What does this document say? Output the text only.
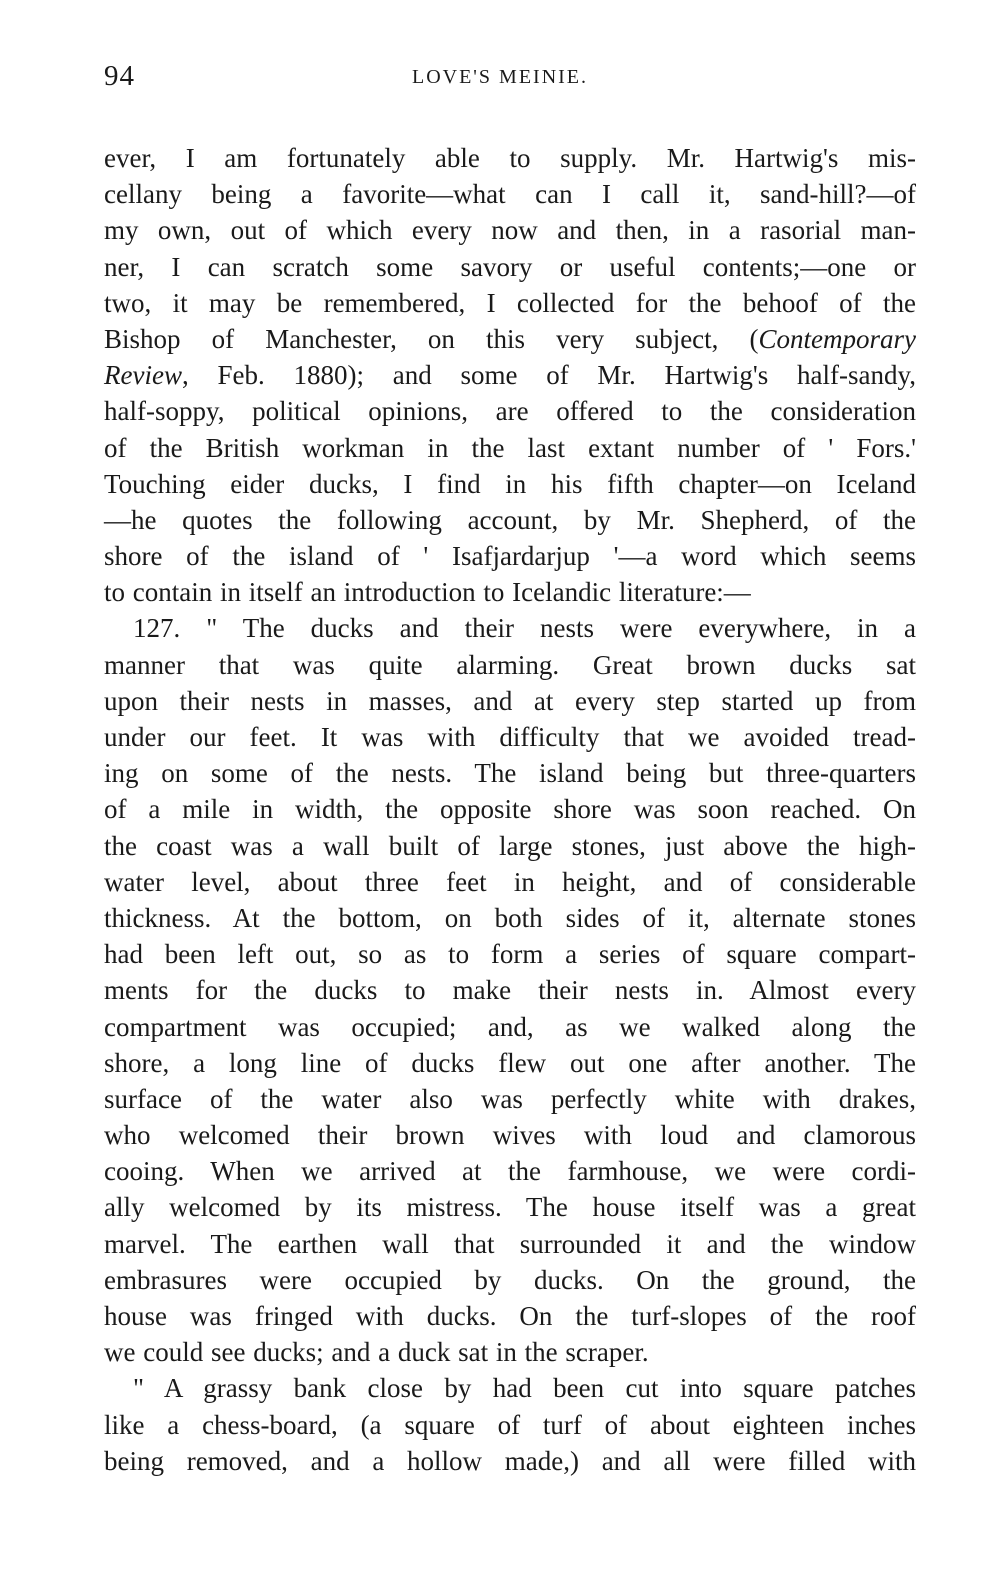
94	LOVE'S MEINIE.
ever, I am fortunately able to supply. Mr. Hartwig's mis-
cellany being a favorite—what can I call it, sand-hill?—of
my own, out of which every now and then, in a rasorial man-
ner, I can scratch some savory or useful contents;—one or
two, it may be remembered, I collected for the behoof of the
Bishop of Manchester, on this very subject, (Contemporary
Review, Feb. 1880); and some of Mr. Hartwig's half-sandy,
half-soppy, political opinions, are offered to the consideration
of the British workman in the last extant number of ' Fors.'
Touching eider ducks, I find in his fifth chapter—on Iceland
—he quotes the following account, by Mr. Shepherd, of the
shore of the island of ' Isafjardarjup '—a word which seems
to contain in itself an introduction to Icelandic literature:—
127. " The ducks and their nests were everywhere, in a
manner that was quite alarming. Great brown ducks sat
upon their nests in masses, and at every step started up from
under our feet. It was with difficulty that we avoided tread-
ing on some of the nests. The island being but three-quarters
of a mile in width, the opposite shore was soon reached. On
the coast was a wall built of large stones, just above the high-
water level, about three feet in height, and of considerable
thickness. At the bottom, on both sides of it, alternate stones
had been left out, so as to form a series of square compart-
ments for the ducks to make their nests in. Almost every
compartment was occupied; and, as we walked along the
shore, a long line of ducks flew out one after another. The
surface of the water also was perfectly white with drakes,
who welcomed their brown wives with loud and clamorous
cooing. When we arrived at the farmhouse, we were cordi-
ally welcomed by its mistress. The house itself was a great
marvel. The earthen wall that surrounded it and the window
embrasures were occupied by ducks. On the ground, the
house was fringed with ducks. On the turf-slopes of the roof
we could see ducks; and a duck sat in the scraper.
" A grassy bank close by had been cut into square patches
like a chess-board, (a square of turf of about eighteen inches
being removed, and a hollow made,) and all were filled with
